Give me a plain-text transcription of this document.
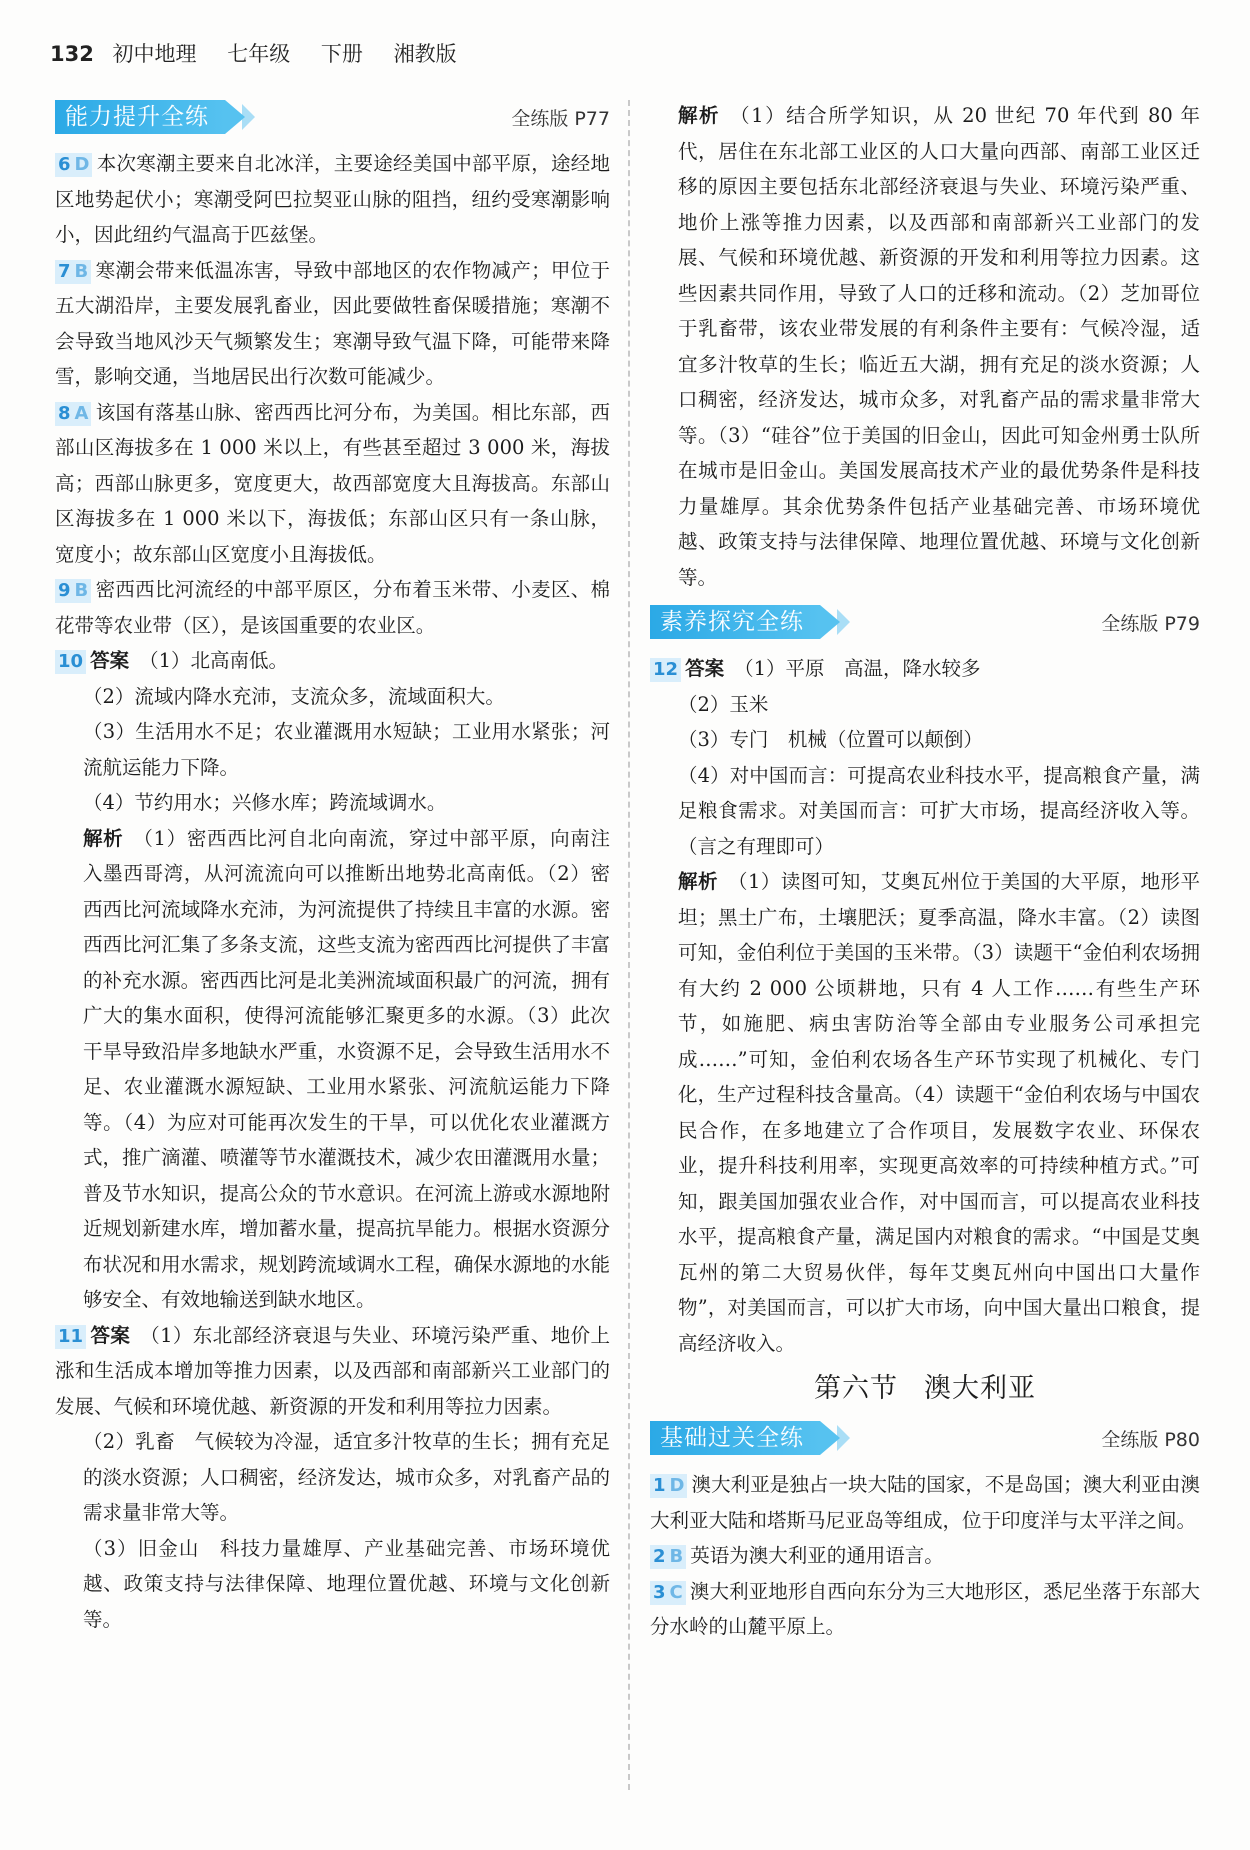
132 初中地理 七年级 下册 湘教版
能力提升全练	全练版 P77

6 D 本次寒潮主要来自北冰洋，主要途经美国中部平原，途经地区地势起伏小；寒潮受阿巴拉契亚山脉的阻挡，纽约受寒潮影响小，因此纽约气温高于匹兹堡。

7 B 寒潮会带来低温冻害，导致中部地区的农作物减产；甲位于五大湖沿岸，主要发展乳畜业，因此要做牲畜保暖措施；寒潮不会导致当地风沙天气频繁发生；寒潮导致气温下降，可能带来降雪，影响交通，当地居民出行次数可能减少。

8 A 该国有落基山脉、密西西比河分布，为美国。相比东部，西部山区海拔多在 1 000 米以上，有些甚至超过 3 000 米，海拔高；西部山脉更多，宽度更大，故西部宽度大且海拔高。东部山区海拔多在 1 000 米以下，海拔低；东部山区只有一条山脉，宽度小；故东部山区宽度小且海拔低。

9 B 密西西比河流经的中部平原区，分布着玉米带、小麦区、棉花带等农业带（区），是该国重要的农业区。

10 答案 （1）北高南低。

（2）流域内降水充沛，支流众多，流域面积大。

（3）生活用水不足；农业灌溉用水短缺；工业用水紧张；河流航运能力下降。

（4）节约用水；兴修水库；跨流域调水。

解析 （1）密西西比河自北向南流，穿过中部平原，向南注入墨西哥湾，从河流流向可以推断出地势北高南低。（2）密西西比河流域降水充沛，为河流提供了持续且丰富的水源。密西西比河汇集了多条支流，这些支流为密西西比河提供了丰富的补充水源。密西西比河是北美洲流域面积最广的河流，拥有广大的集水面积，使得河流能够汇聚更多的水源。（3）此次干旱导致沿岸多地缺水严重，水资源不足，会导致生活用水不足、农业灌溉水源短缺、工业用水紧张、河流航运能力下降等。（4）为应对可能再次发生的干旱，可以优化农业灌溉方式，推广滴灌、喷灌等节水灌溉技术，减少农田灌溉用水量；普及节水知识，提高公众的节水意识。在河流上游或水源地附近规划新建水库，增加蓄水量，提高抗旱能力。根据水资源分布状况和用水需求，规划跨流域调水工程，确保水源地的水能够安全、有效地输送到缺水地区。

11 答案 （1）东北部经济衰退与失业、环境污染严重、地价上涨和生活成本增加等推力因素，以及西部和南部新兴工业部门的发展、气候和环境优越、新资源的开发和利用等拉力因素。

（2）乳畜　气候较为冷湿，适宜多汁牧草的生长；拥有充足的淡水资源；人口稠密，经济发达，城市众多，对乳畜产品的需求量非常大等。

（3）旧金山　科技力量雄厚、产业基础完善、市场环境优越、政策支持与法律保障、地理位置优越、环境与文化创新等。

解析 （1）结合所学知识，从 20 世纪 70 年代到 80 年代，居住在东北部工业区的人口大量向西部、南部工业区迁移的原因主要包括东北部经济衰退与失业、环境污染严重、地价上涨等推力因素，以及西部和南部新兴工业部门的发展、气候和环境优越、新资源的开发和利用等拉力因素。这些因素共同作用，导致了人口的迁移和流动。（2）芝加哥位于乳畜带，该农业带发展的有利条件主要有：气候冷湿，适宜多汁牧草的生长；临近五大湖，拥有充足的淡水资源；人口稠密，经济发达，城市众多，对乳畜产品的需求量非常大等。（3）“硅谷”位于美国的旧金山，因此可知金州勇士队所在城市是旧金山。美国发展高技术产业的最优势条件是科技力量雄厚。其余优势条件包括产业基础完善、市场环境优越、政策支持与法律保障、地理位置优越、环境与文化创新等。

素养探究全练	全练版 P79

12 答案 （1）平原　高温，降水较多

（2）玉米

（3）专门　机械（位置可以颠倒）

（4）对中国而言：可提高农业科技水平，提高粮食产量，满足粮食需求。对美国而言：可扩大市场，提高经济收入等。（言之有理即可）

解析 （1）读图可知，艾奥瓦州位于美国的大平原，地形平坦；黑土广布，土壤肥沃；夏季高温，降水丰富。（2）读图可知，金伯利位于美国的玉米带。（3）读题干“金伯利农场拥有大约 2 000 公顷耕地，只有 4 人工作……有些生产环节，如施肥、病虫害防治等全部由专业服务公司承担完成……”可知，金伯利农场各生产环节实现了机械化、专门化，生产过程科技含量高。（4）读题干“金伯利农场与中国农民合作，在多地建立了合作项目，发展数字农业、环保农业，提升科技利用率，实现更高效率的可持续种植方式。”可知，跟美国加强农业合作，对中国而言，可以提高农业科技水平，提高粮食产量，满足国内对粮食的需求。“中国是艾奥瓦州的第二大贸易伙伴，每年艾奥瓦州向中国出口大量作物”，对美国而言，可以扩大市场，向中国大量出口粮食，提高经济收入。

第六节 澳大利亚
基础过关全练	全练版 P80

1 D 澳大利亚是独占一块大陆的国家，不是岛国；澳大利亚由澳大利亚大陆和塔斯马尼亚岛等组成，位于印度洋与太平洋之间。

2 B 英语为澳大利亚的通用语言。

3 C 澳大利亚地形自西向东分为三大地形区，悉尼坐落于东部大分水岭的山麓平原上。
